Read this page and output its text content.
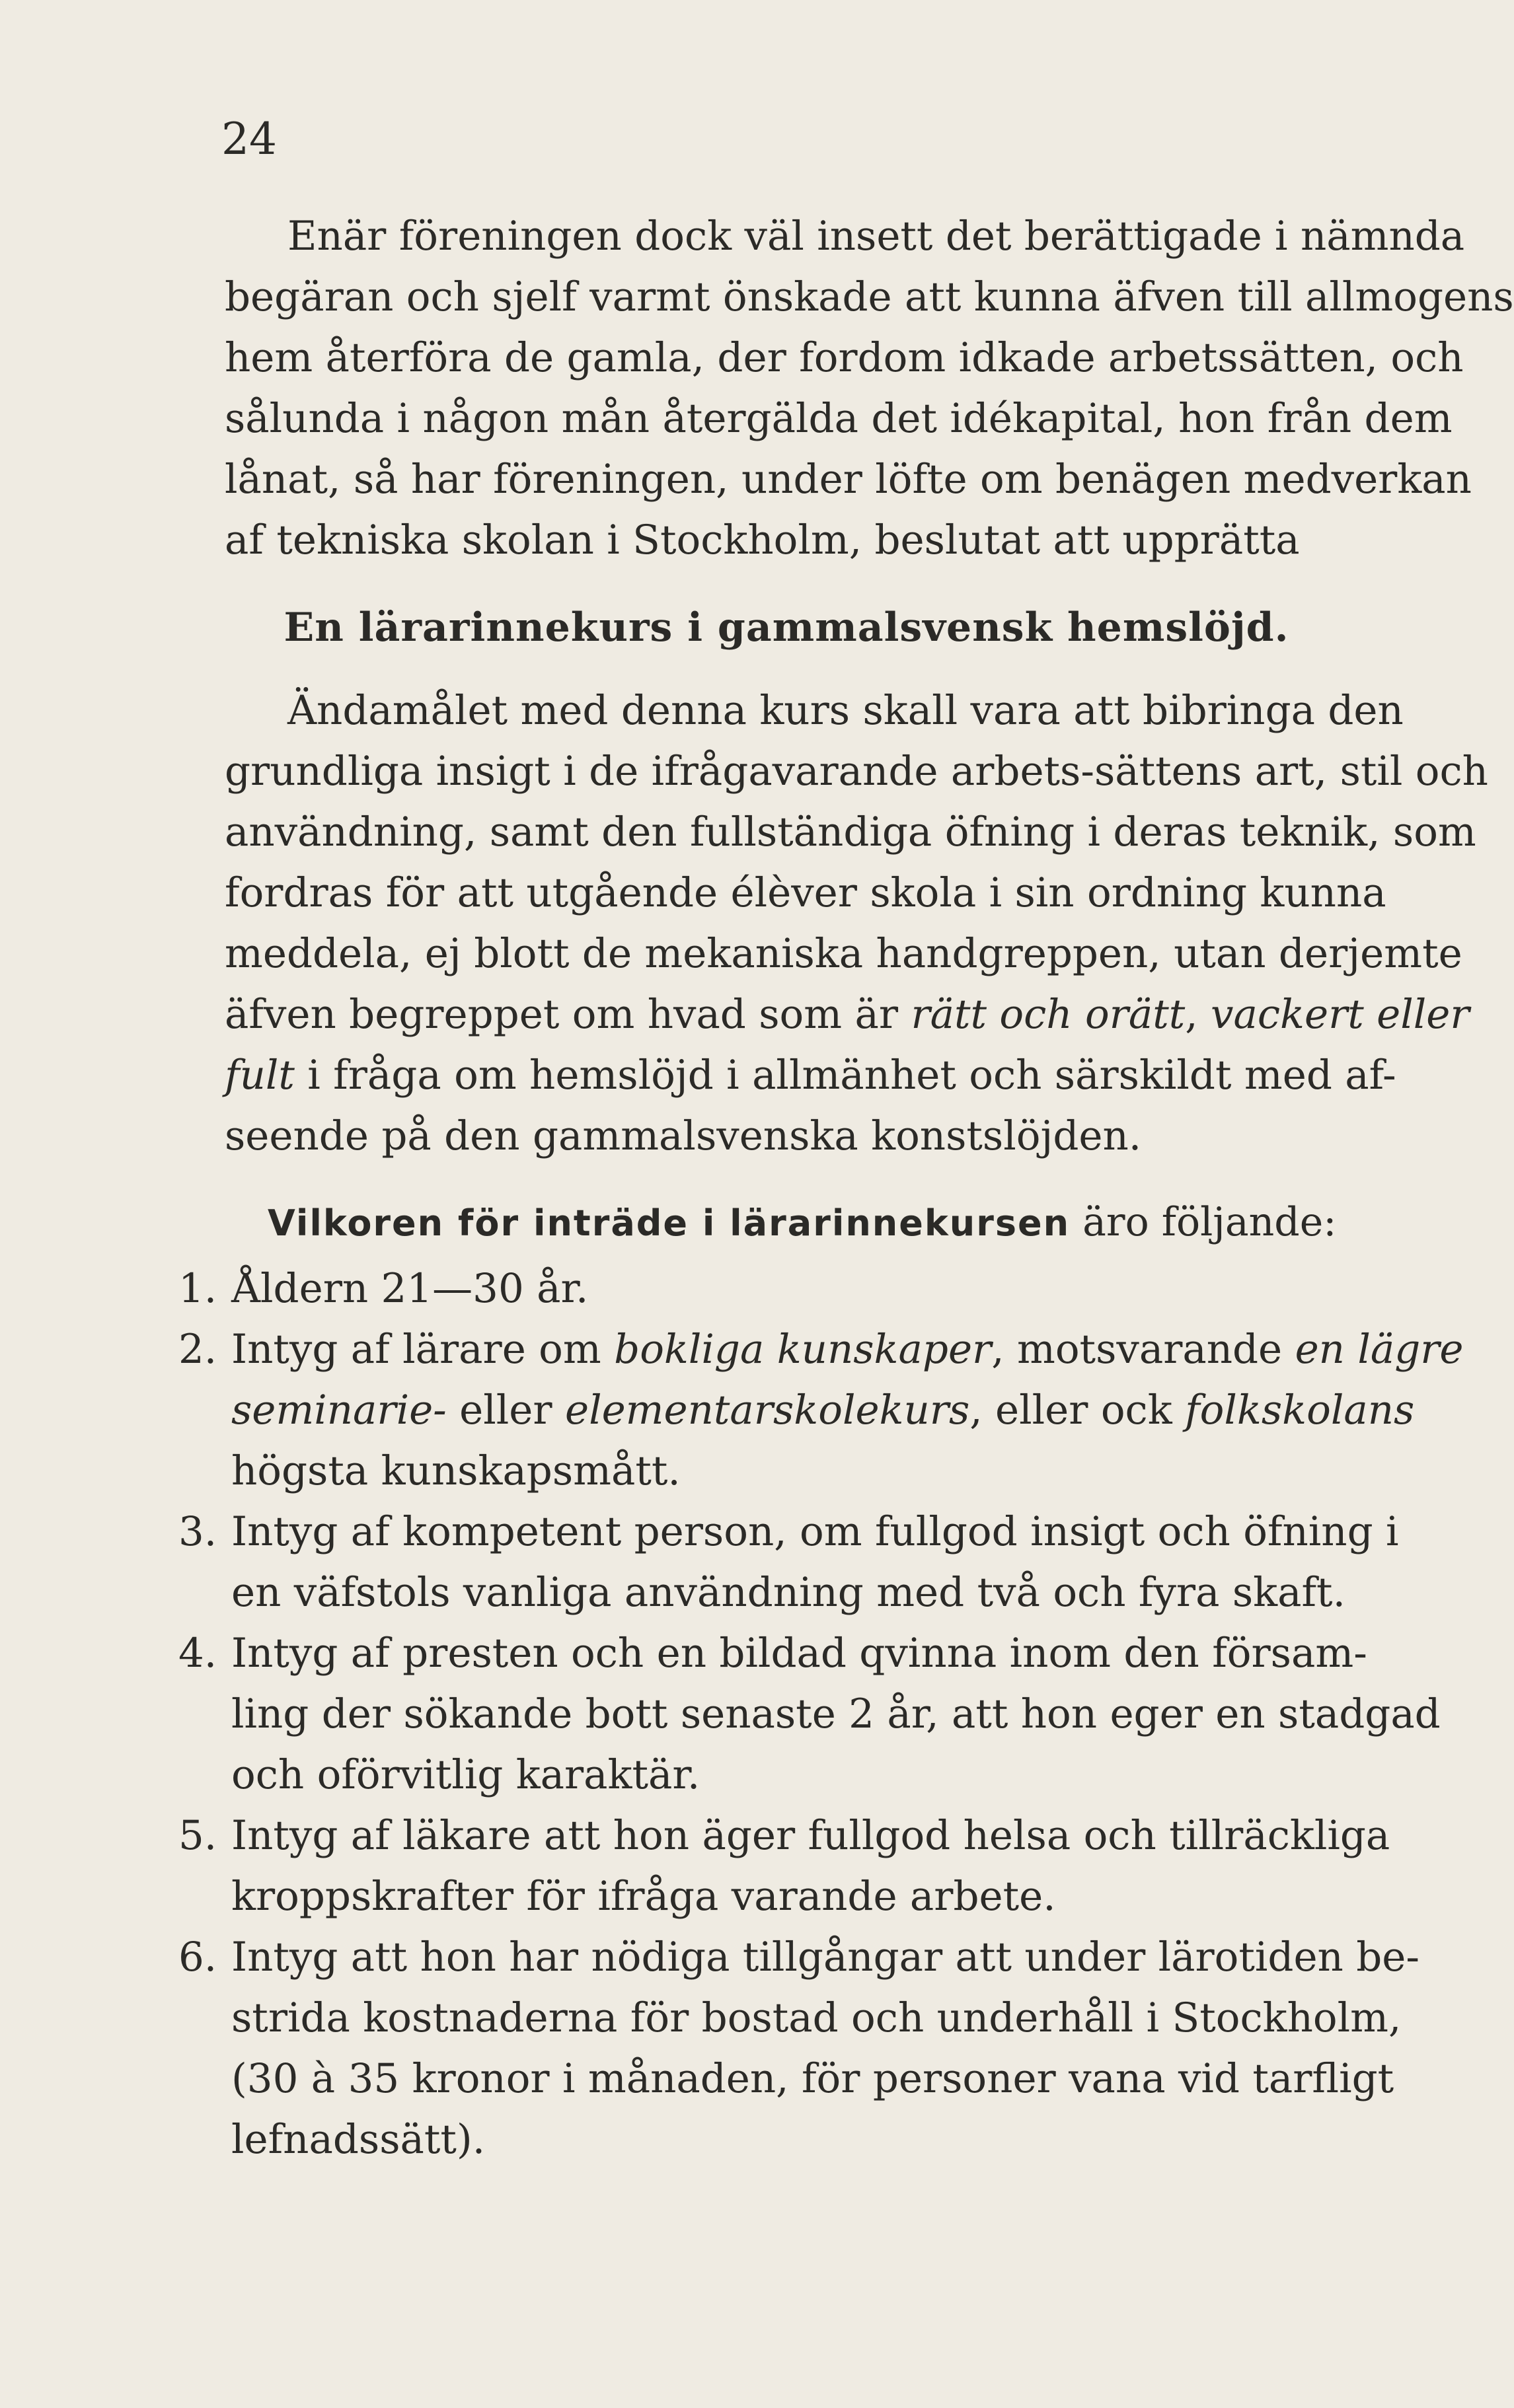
24
Enär föreningen dock väl insett det berättigade i nämnda
begäran och sjelf varmt önskade att kunna äfven till allmogens
hem återföra de gamla, der fordom idkade arbetssätten, och
sålunda i någon mån återgälda det idékapital, hon från dem
lånat, så har föreningen, under löfte om benägen medverkan
af tekniska skolan i Stockholm, beslutat att upprätta
En lärarinnekurs i gammalsvensk hemslöjd.
Ändamålet med denna kurs skall vara att bibringa den
grundliga insigt i de ifrågavarande arbets-sättens art, stil och
användning, samt den fullständiga öfning i deras teknik, som
fordras för att utgående élèver skola i sin ordning kunna
meddela, ej blott de mekaniska handgreppen, utan derjemte
äfven begreppet om hvad som är rätt och orätt, vackert eller
fult i fråga om hemslöjd i allmänhet och särskildt med af-
seende på den gammalsvenska konstslöjden.
Vilkoren för inträde i lärarinnekursen äro följande:
1. Åldern 21—30 år.
2. Intyg af lärare om bokliga kunskaper, motsvarande en lägre
seminarie- eller elementarskolekurs, eller ock folkskolans
högsta kunskapsmått.
3. Intyg af kompetent person, om fullgod insigt och öfning i
en väfstols vanliga användning med två och fyra skaft.
4. Intyg af presten och en bildad qvinna inom den försam-
ling der sökande bott senaste 2 år, att hon eger en stadgad
och oförvitlig karaktär.
5. Intyg af läkare att hon äger fullgod helsa och tillräckliga
kroppskrafter för ifråga varande arbete.
6. Intyg att hon har nödiga tillgångar att under lärotiden be-
strida kostnaderna för bostad och underhåll i Stockholm,
(30 à 35 kronor i månaden, för personer vana vid tarfligt
lefnadssätt).
